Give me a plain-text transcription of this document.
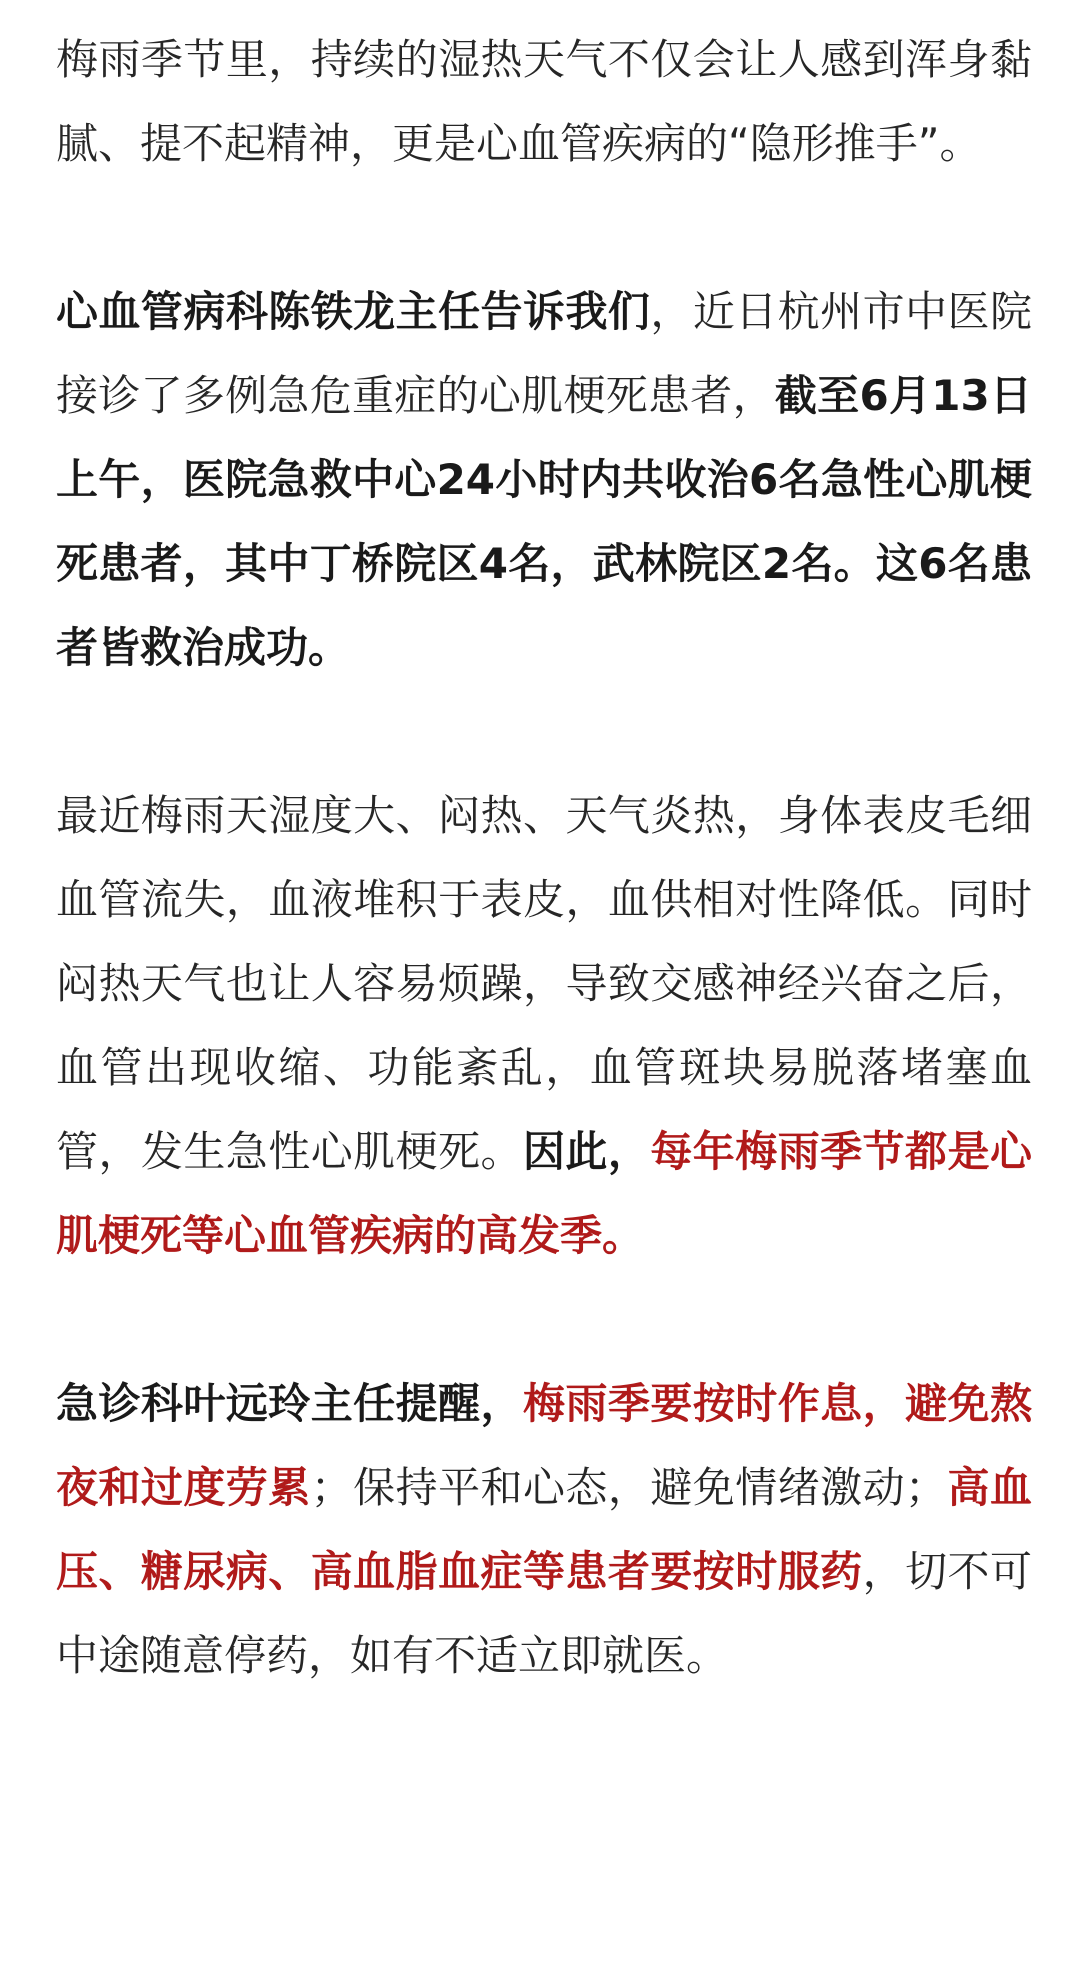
梅雨季节里，持续的湿热天气不仅会让人感到浑身黏腻、提不起精神，更是心血管疾病的“隐形推手”。

心血管病科陈铁龙主任告诉我们，近日杭州市中医院接诊了多例急危重症的心肌梗死患者，截至6月13日上午，医院急救中心24小时内共收治6名急性心肌梗死患者，其中丁桥院区4名，武林院区2名。这6名患者皆救治成功。

最近梅雨天湿度大、闷热、天气炎热，身体表皮毛细血管流失，血液堆积于表皮，血供相对性降低。同时闷热天气也让人容易烦躁，导致交感神经兴奋之后，血管出现收缩、功能紊乱，血管斑块易脱落堵塞血管，发生急性心肌梗死。因此，每年梅雨季节都是心肌梗死等心血管疾病的高发季。

急诊科叶远玲主任提醒，梅雨季要按时作息，避免熬夜和过度劳累；保持平和心态，避免情绪激动；高血压、糖尿病、高血脂血症等患者要按时服药，切不可中途随意停药，如有不适立即就医。
